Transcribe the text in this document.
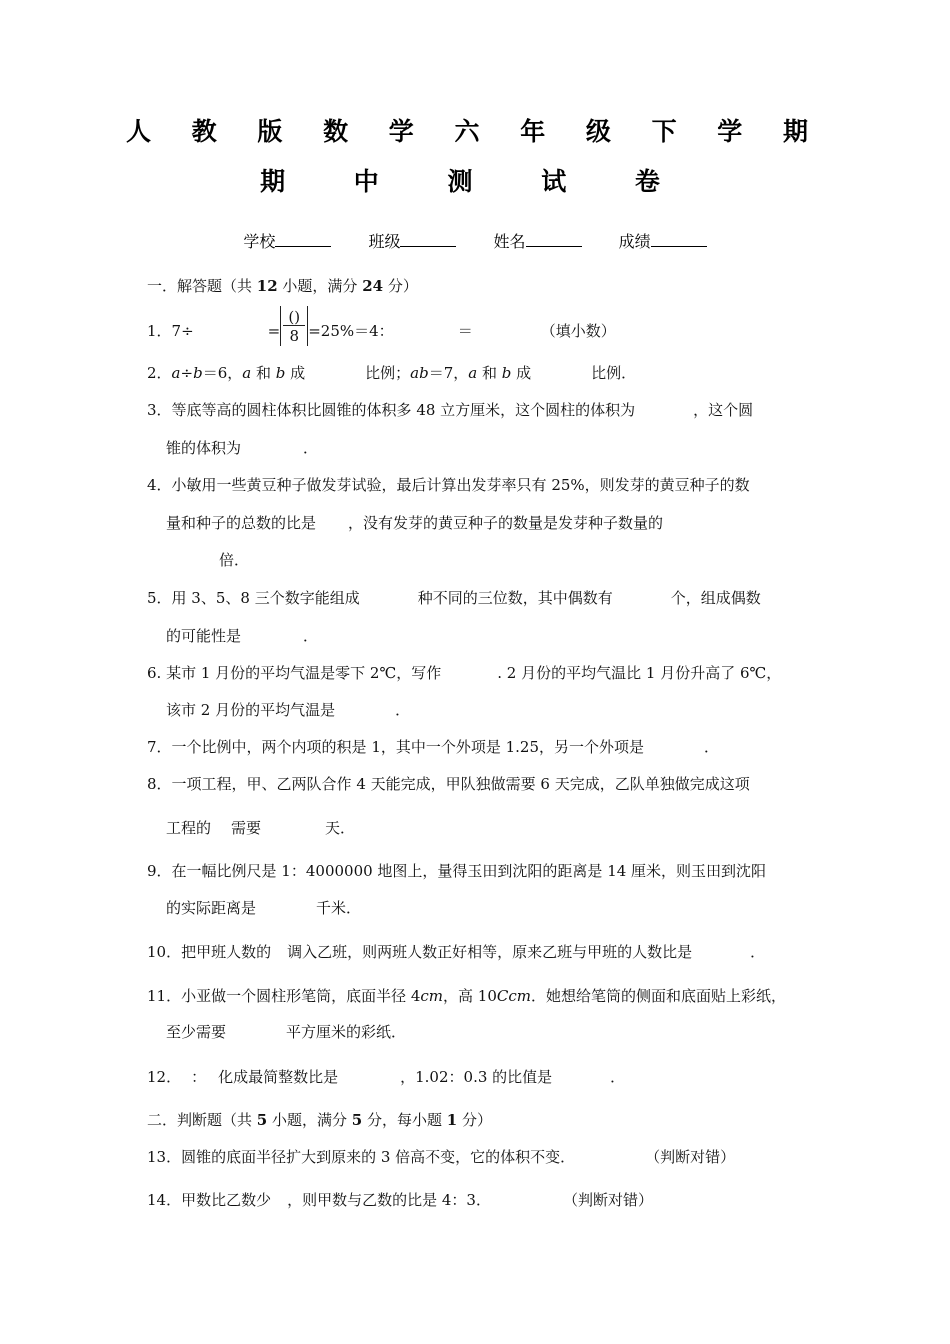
人 教 版 数 学 六 年 级 下 学 期
期 中 测 试 卷
学校	班级	姓名	成绩
一．解答题（共 12 小题，满分 24 分）
1．7÷	= $\frac{()}{8} =25\%=4$：	＝	（填小数）
2．a÷b＝6，a 和 b 成	比例；ab＝7，a 和 b 成	比例．
3．等底等高的圆柱体积比圆锥的体积多 48 立方厘米，这个圆柱的体积为	，这个圆
锥的体积为	．
4．小敏用一些黄豆种子做发芽试验，最后计算出发芽率只有 25%，则发芽的黄豆种子的数
量和种子的总数的比是 ，没有发芽的黄豆种子的数量是发芽种子数量的
倍．
5．用 3、5、8 三个数字能组成	种不同的三位数，其中偶数有	个，组成偶数
的可能性是	．
6. 某市 1 月份的平均气温是零下 2℃，写作	. 2 月份的平均气温比 1 月份升高了 6℃，
该市 2 月份的平均气温是	．
7．一个比例中，两个内项的积是 1，其中一个外项是 1.25，另一个外项是	．
8．一项工程，甲、乙两队合作 4 天能完成，甲队独做需要 6 天完成，乙队单独做完成这项
工程的 需要	天．
9．在一幅比例尺是 1：4000000 地图上，量得玉田到沈阳的距离是 14 厘米，则玉田到沈阳
的实际距离是	千米．
10．把甲班人数的 调入乙班，则两班人数正好相等，原来乙班与甲班的人数比是	．
11．小亚做一个圆柱形笔筒，底面半径 4cm，高 10Ccm．她想给笔筒的侧面和底面贴上彩纸，
至少需要	平方厘米的彩纸．
12． ： 化成最简整数比是	，1.02：0.3 的比值是	．
二．判断题（共 5 小题，满分 5 分，每小题 1 分）
13．圆锥的底面半径扩大到原来的 3 倍高不变，它的体积不变．	（判断对错）
14．甲数比乙数少 ，则甲数与乙数的比是 4：3．	（判断对错）
